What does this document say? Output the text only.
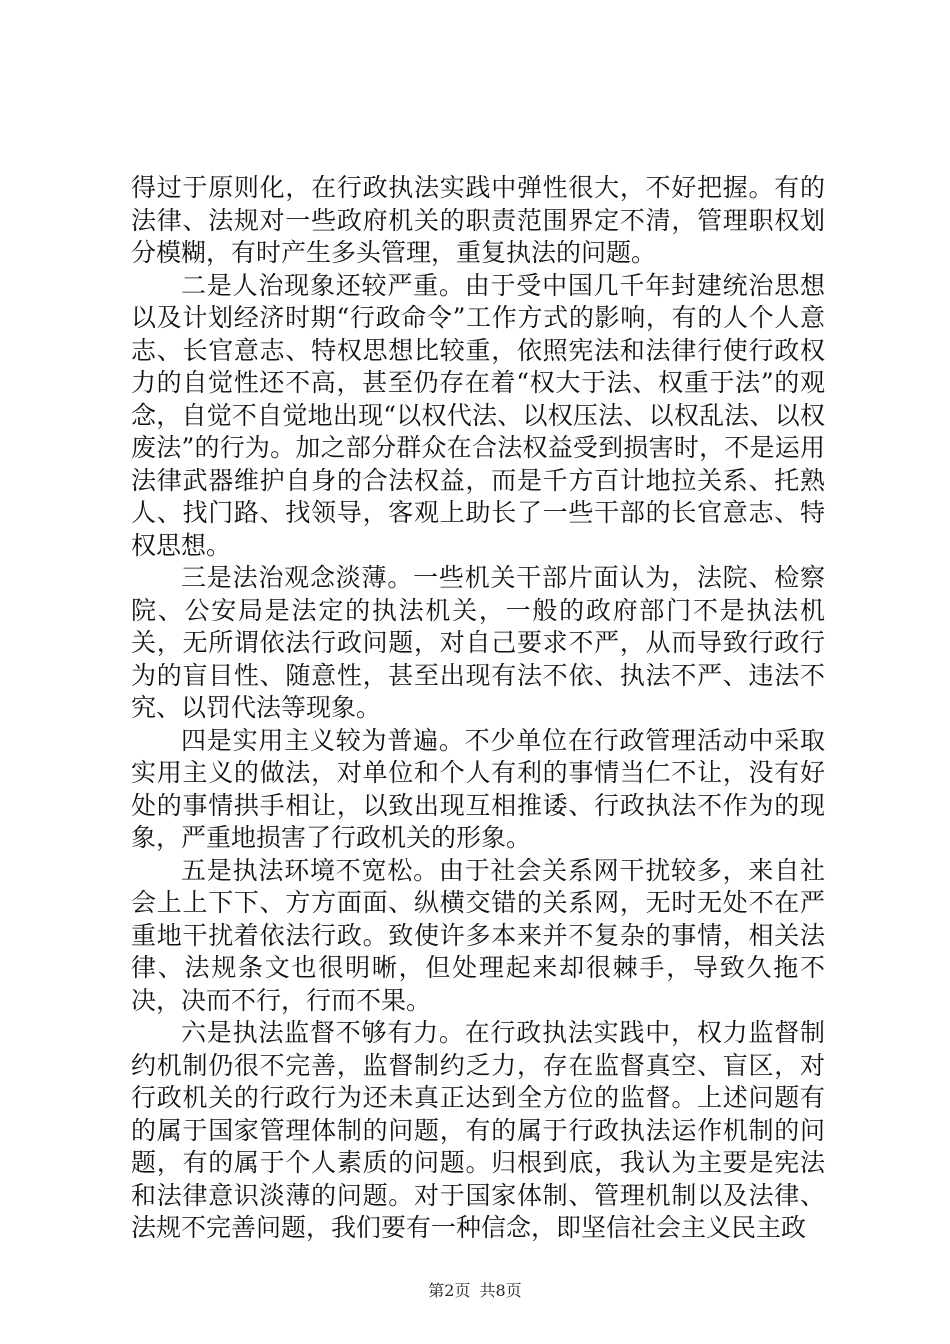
得过于原则化，在行政执法实践中弹性很大，不好把握。有的法律、法规对一些政府机关的职责范围界定不清，管理职权划分模糊，有时产生多头管理，重复执法的问题。

二是人治现象还较严重。由于受中国几千年封建统治思想以及计划经济时期“行政命令”工作方式的影响，有的人个人意志、长官意志、特权思想比较重，依照宪法和法律行使行政权力的自觉性还不高，甚至仍存在着“权大于法、权重于法”的观念，自觉不自觉地出现“以权代法、以权压法、以权乱法、以权废法”的行为。加之部分群众在合法权益受到损害时，不是运用法律武器维护自身的合法权益，而是千方百计地拉关系、托熟人、找门路、找领导，客观上助长了一些干部的长官意志、特权思想。

三是法治观念淡薄。一些机关干部片面认为，法院、检察院、公安局是法定的执法机关，一般的政府部门不是执法机关，无所谓依法行政问题，对自己要求不严，从而导致行政行为的盲目性、随意性，甚至出现有法不依、执法不严、违法不究、以罚代法等现象。

四是实用主义较为普遍。不少单位在行政管理活动中采取实用主义的做法，对单位和个人有利的事情当仁不让，没有好处的事情拱手相让，以致出现互相推诿、行政执法不作为的现象，严重地损害了行政机关的形象。

五是执法环境不宽松。由于社会关系网干扰较多，来自社会上上下下、方方面面、纵横交错的关系网，无时无处不在严重地干扰着依法行政。致使许多本来并不复杂的事情，相关法律、法规条文也很明晰，但处理起来却很棘手，导致久拖不决，决而不行，行而不果。

六是执法监督不够有力。在行政执法实践中，权力监督制约机制仍很不完善，监督制约乏力，存在监督真空、盲区，对行政机关的行政行为还未真正达到全方位的监督。上述问题有的属于国家管理体制的问题，有的属于行政执法运作机制的问题，有的属于个人素质的问题。归根到底，我认为主要是宪法和法律意识淡薄的问题。对于国家体制、管理机制以及法律、法规不完善问题，我们要有一种信念，即坚信社会主义民主政

第2页 共8页
